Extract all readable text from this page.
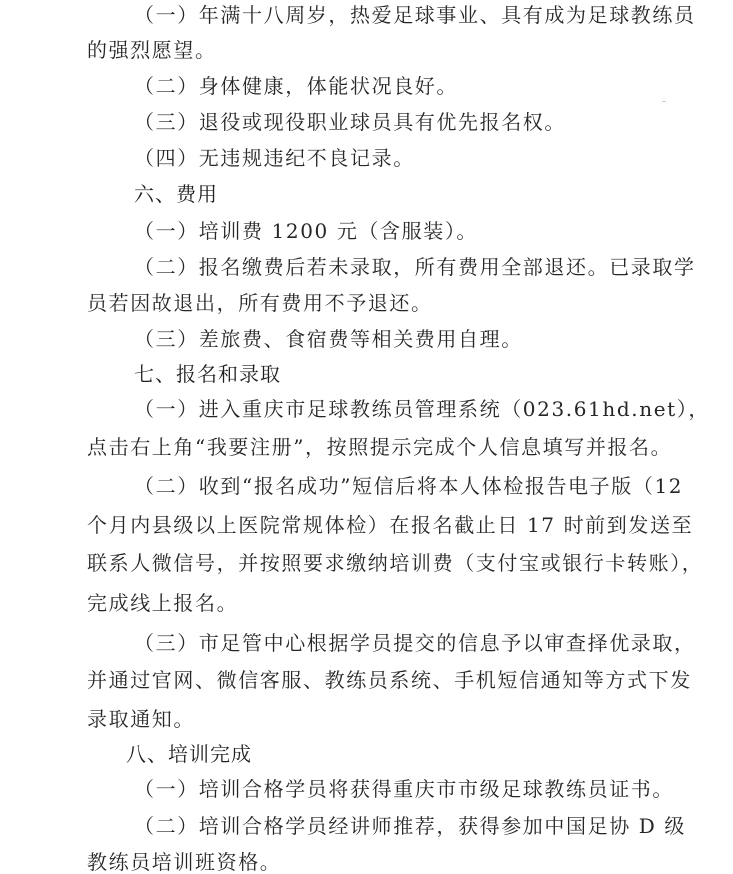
（一）年满十八周岁，热爱足球事业、具有成为足球教练员
的强烈愿望。
（二）身体健康，体能状况良好。
（三）退役或现役职业球员具有优先报名权。
（四）无违规违纪不良记录。
六、费用
（一）培训费 1200 元（含服装）。
（二）报名缴费后若未录取，所有费用全部退还。已录取学
员若因故退出，所有费用不予退还。
（三）差旅费、食宿费等相关费用自理。
七、报名和录取
（一）进入重庆市足球教练员管理系统（023.61hd.net），
点击右上角“我要注册”，按照提示完成个人信息填写并报名。
（二）收到“报名成功”短信后将本人体检报告电子版（12
个月内县级以上医院常规体检）在报名截止日 17 时前到发送至
联系人微信号，并按照要求缴纳培训费（支付宝或银行卡转账），
完成线上报名。
（三）市足管中心根据学员提交的信息予以审查择优录取，
并通过官网、微信客服、教练员系统、手机短信通知等方式下发
录取通知。
八、培训完成
（一）培训合格学员将获得重庆市市级足球教练员证书。
（二）培训合格学员经讲师推荐，获得参加中国足协 D 级
教练员培训班资格。
